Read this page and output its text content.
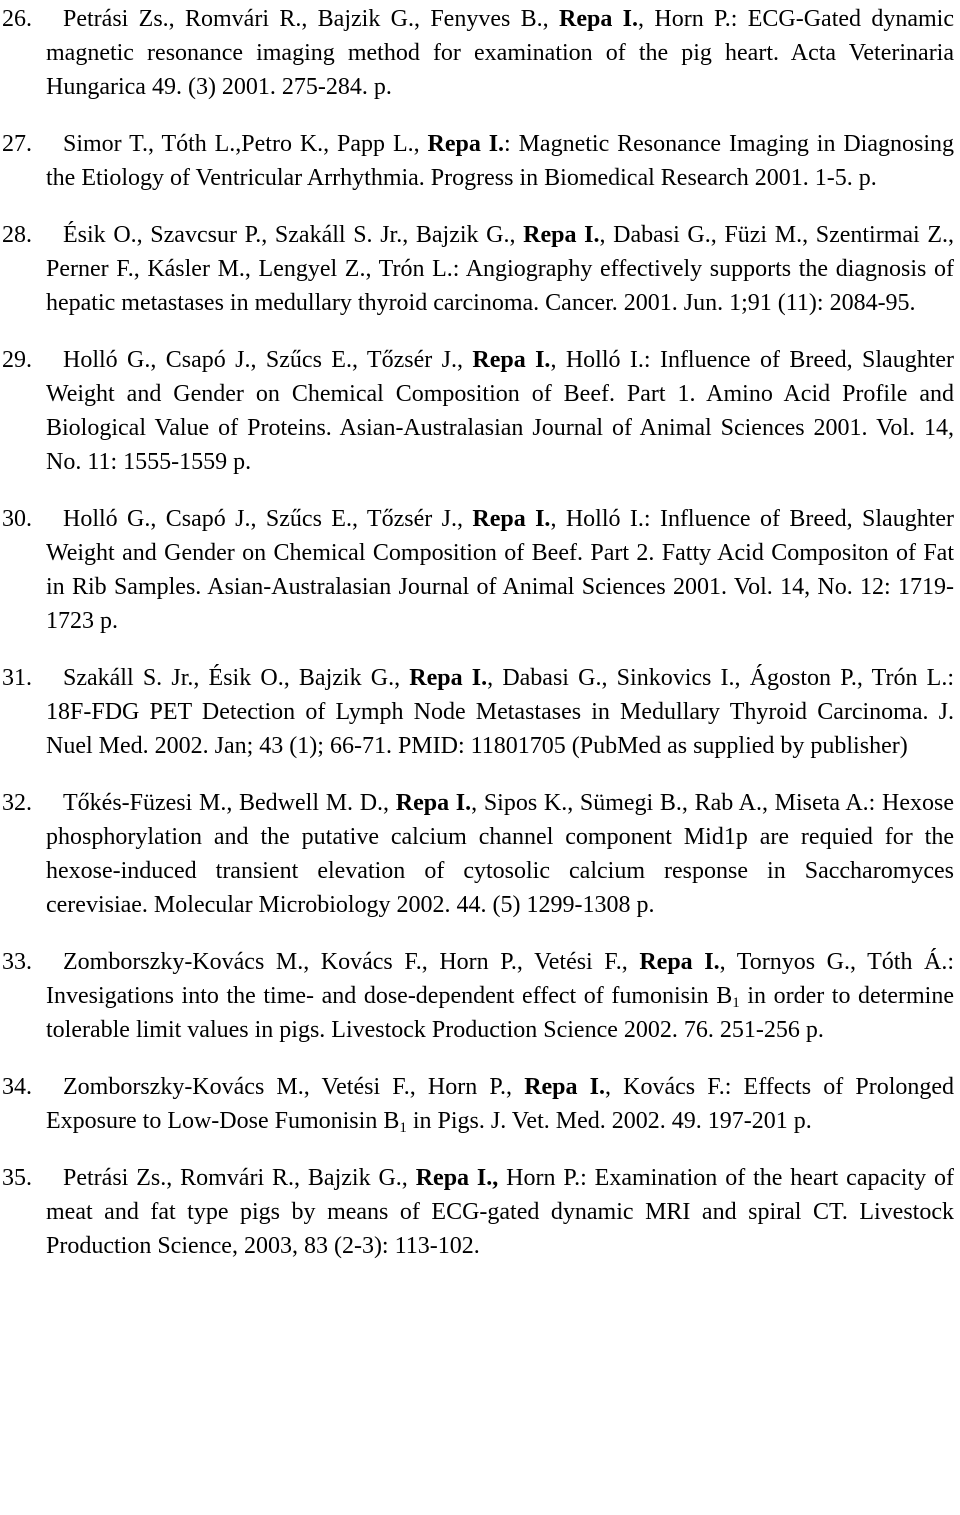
26. Petrási Zs., Romvári R., Bajzik G., Fenyves B., Repa I., Horn P.: ECG-Gated dynamic magnetic resonance imaging method for examination of the pig heart. Acta Veterinaria Hungarica 49. (3) 2001. 275-284. p.
27. Simor T., Tóth L.,Petro K., Papp L., Repa I.: Magnetic Resonance Imaging in Diagnosing the Etiology of Ventricular Arrhythmia. Progress in Biomedical Research 2001. 1-5. p.
28. Ésik O., Szavcsur P., Szakáll S. Jr., Bajzik G., Repa I., Dabasi G., Füzi M., Szentirmai Z., Perner F., Kásler M., Lengyel Z., Trón L.: Angiography effectively supports the diagnosis of hepatic metastases in medullary thyroid carcinoma. Cancer. 2001. Jun. 1;91 (11): 2084-95.
29. Holló G., Csapó J., Szűcs E., Tőzsér J., Repa I., Holló I.: Influence of Breed, Slaughter Weight and Gender on Chemical Composition of Beef. Part 1. Amino Acid Profile and Biological Value of Proteins. Asian-Australasian Journal of Animal Sciences 2001. Vol. 14, No. 11: 1555-1559 p.
30. Holló G., Csapó J., Szűcs E., Tőzsér J., Repa I., Holló I.: Influence of Breed, Slaughter Weight and Gender on Chemical Composition of Beef. Part 2. Fatty Acid Compositon of Fat in Rib Samples. Asian-Australasian Journal of Animal Sciences 2001. Vol. 14, No. 12: 1719-1723 p.
31. Szakáll S. Jr., Ésik O., Bajzik G., Repa I., Dabasi G., Sinkovics I., Ágoston P., Trón L.: 18F-FDG PET Detection of Lymph Node Metastases in Medullary Thyroid Carcinoma. J. Nuel Med. 2002. Jan; 43 (1); 66-71. PMID: 11801705 (PubMed as supplied by publisher)
32. Tőkés-Füzesi M., Bedwell M. D., Repa I., Sipos K., Sümegi B., Rab A., Miseta A.: Hexose phosphorylation and the putative calcium channel component Mid1p are requied for the hexose-induced transient elevation of cytosolic calcium response in Saccharomyces cerevisiae. Molecular Microbiology 2002. 44. (5) 1299-1308 p.
33. Zomborszky-Kovács M., Kovács F., Horn P., Vetési F., Repa I., Tornyos G., Tóth Á.: Invesigations into the time- and dose-dependent effect of fumonisin $B_1$ in order to determine tolerable limit values in pigs. Livestock Production Science 2002. 76. 251-256 p.
34. Zomborszky-Kovács M., Vetési F., Horn P., Repa I., Kovács F.: Effects of Prolonged Exposure to Low-Dose Fumonisin $B_1$ in Pigs. J. Vet. Med. 2002. 49. 197-201 p.
35. Petrási Zs., Romvári R., Bajzik G., Repa I., Horn P.: Examination of the heart capacity of meat and fat type pigs by means of ECG-gated dynamic MRI and spiral CT. Livestock Production Science, 2003, 83 (2-3): 113-102.
